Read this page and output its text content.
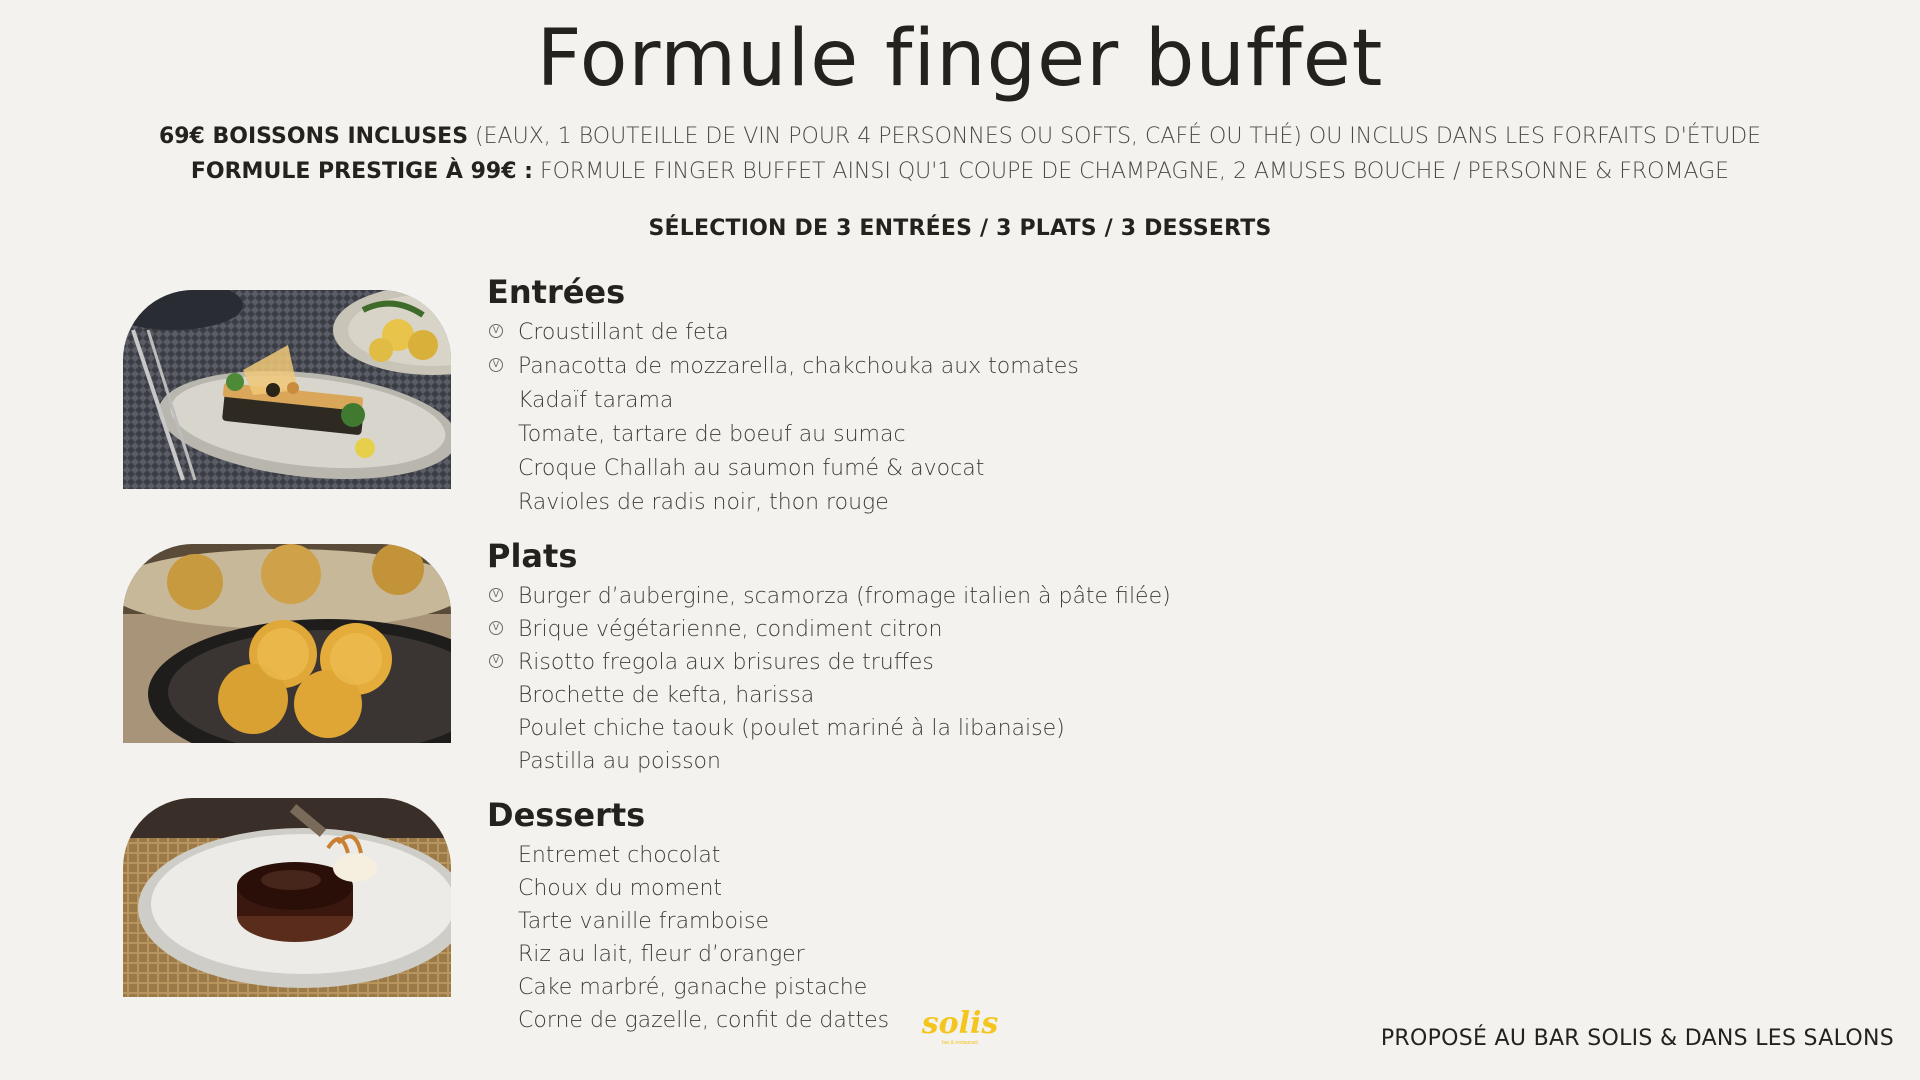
Formule finger buffet
69€ BOISSONS INCLUSES (EAUX, 1 BOUTEILLE DE VIN POUR 4 PERSONNES OU SOFTS, CAFÉ OU THÉ) OU INCLUS DANS LES FORFAITS D'ÉTUDE
FORMULE PRESTIGE À 99€ : FORMULE FINGER BUFFET AINSI QU'1 COUPE DE CHAMPAGNE, 2 AMUSES BOUCHE / PERSONNE & FROMAGE
SÉLECTION DE 3 ENTRÉES / 3 PLATS / 3 DESSERTS
Entrées
V Croustillant de feta
V Panacotta de mozzarella, chakchouka aux tomates
Kadaïf tarama
Tomate, tartare de boeuf au sumac
Croque Challah au saumon fumé & avocat
Ravioles de radis noir, thon rouge
Plats
V Burger d’aubergine, scamorza (fromage italien à pâte filée)
V Brique végétarienne, condiment citron
V Risotto fregola aux brisures de truffes
Brochette de kefta, harissa
Poulet chiche taouk (poulet mariné à la libanaise)
Pastilla au poisson
Desserts
Entremet chocolat
Choux du moment
Tarte vanille framboise
Riz au lait, fleur d’oranger
Cake marbré, ganache pistache
Corne de gazelle, confit de dattes solis
bar & restaurant	PROPOSÉ AU BAR SOLIS & DANS LES SALONS
